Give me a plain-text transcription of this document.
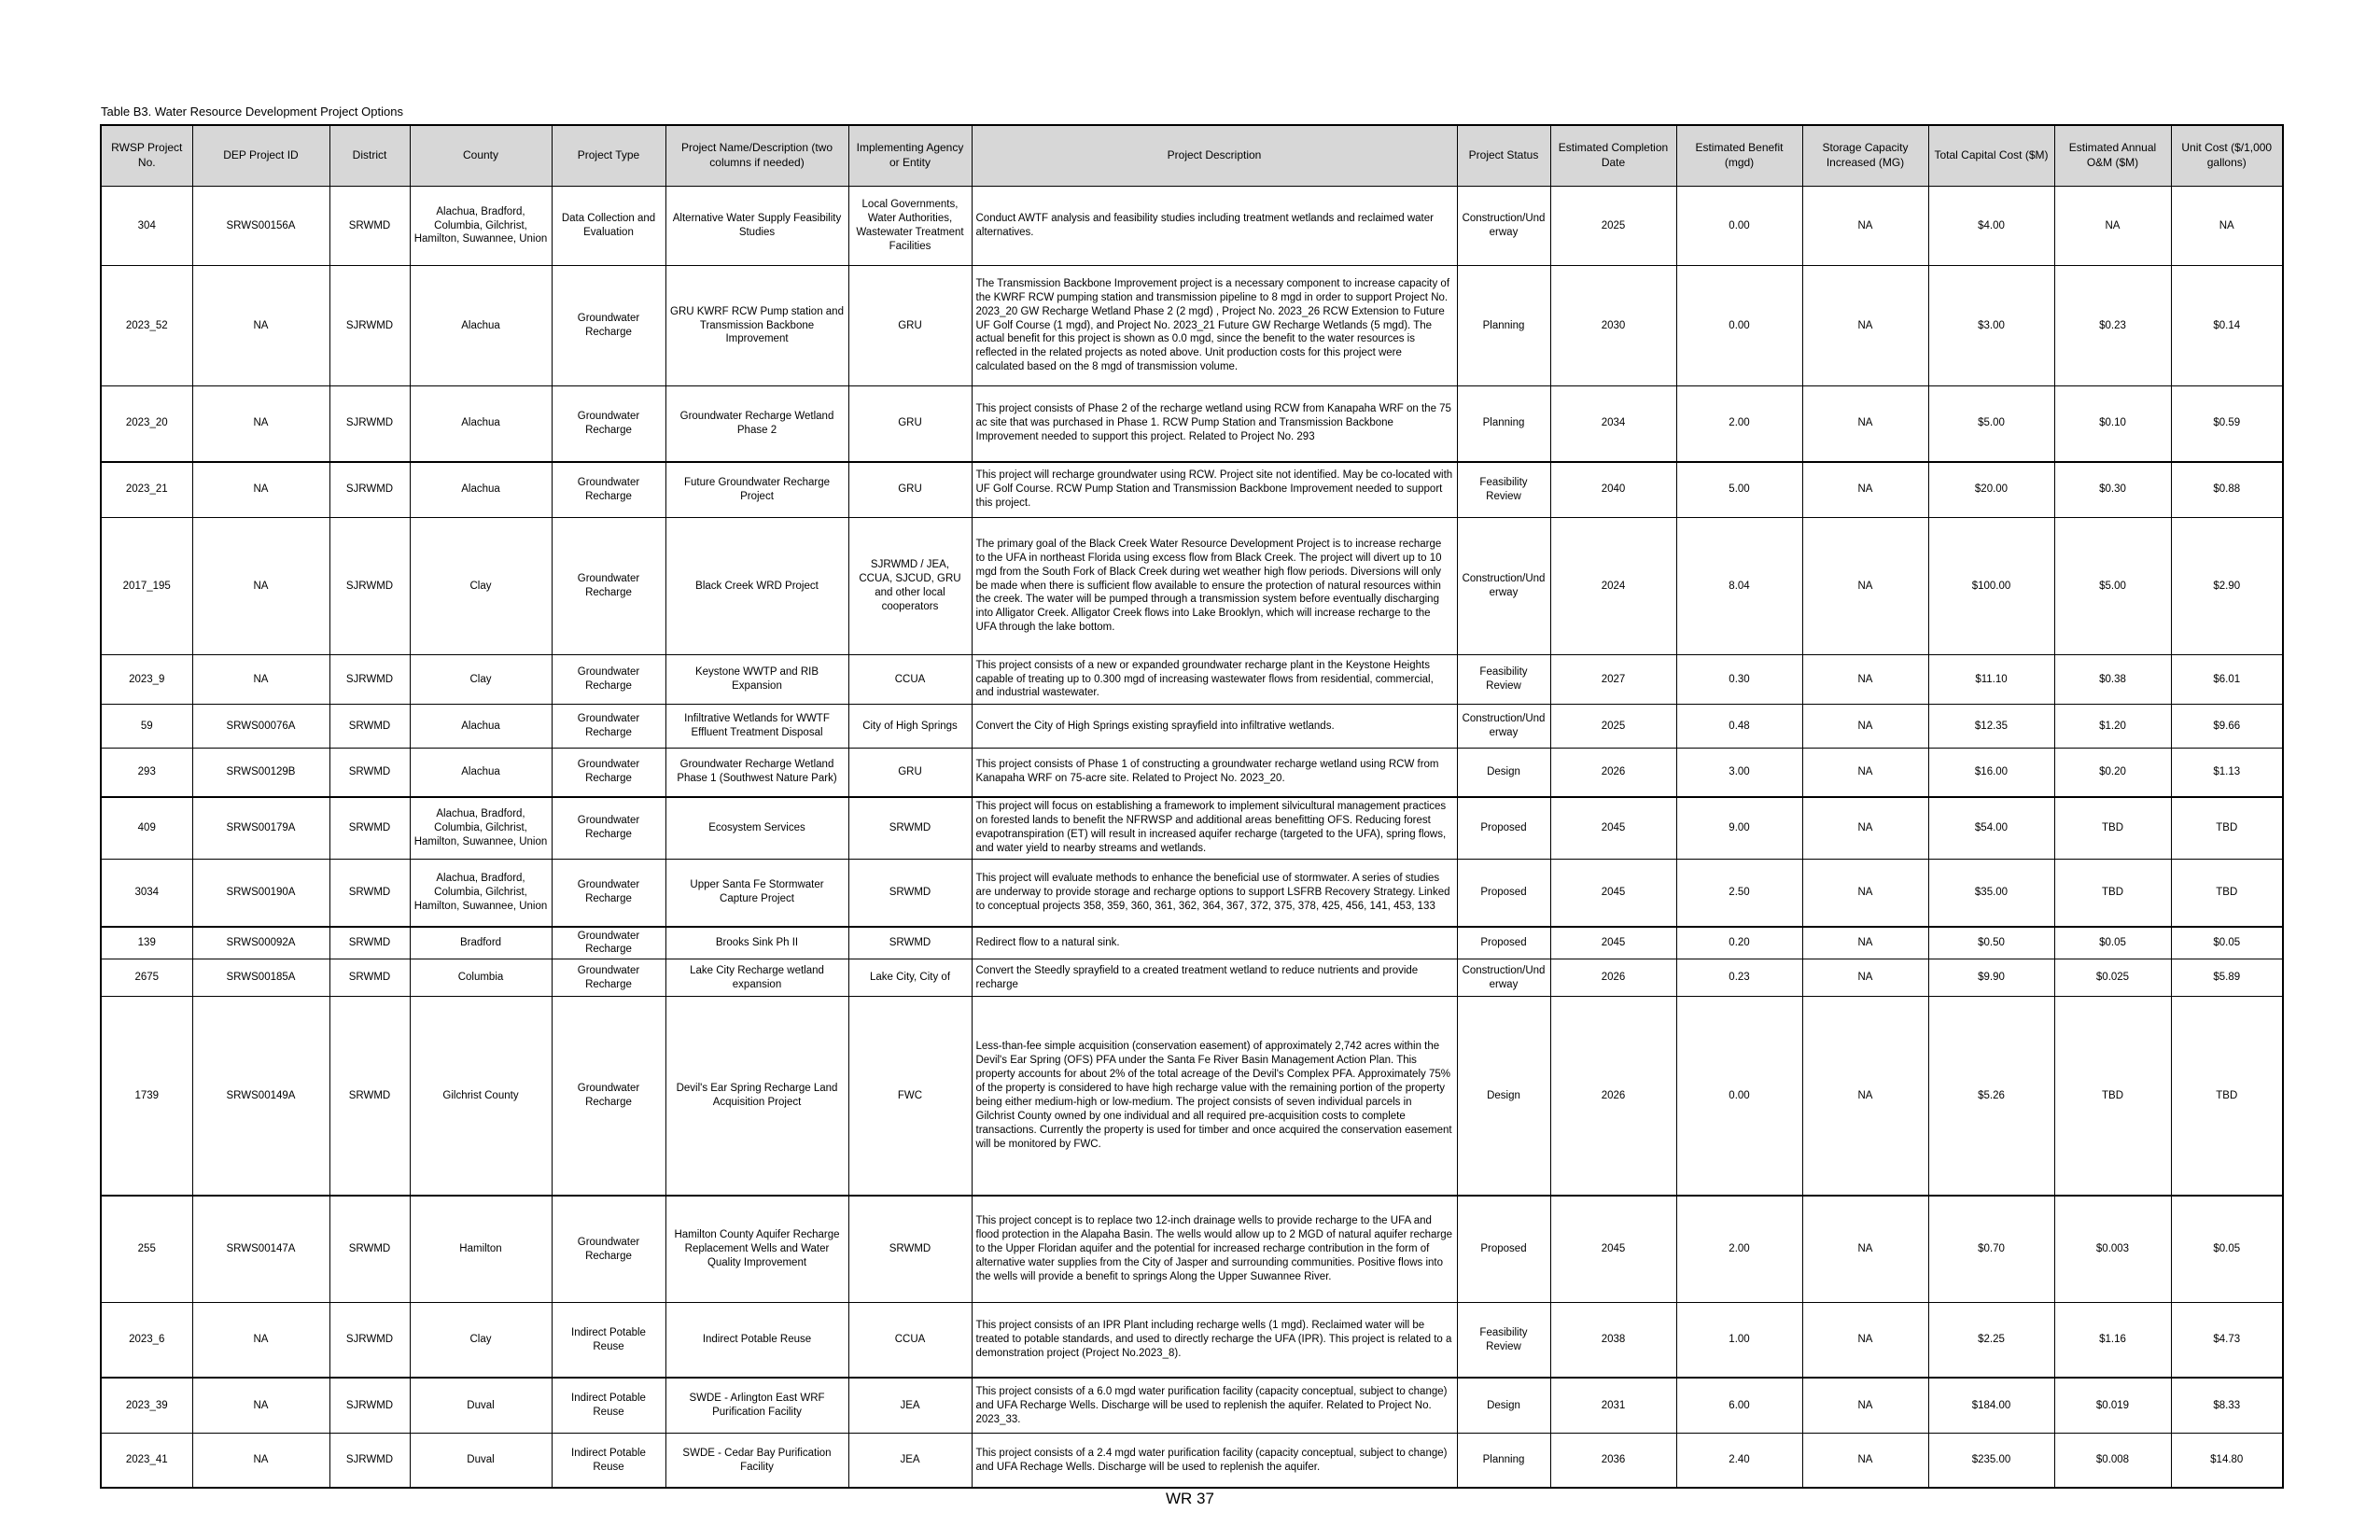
Table B3. Water Resource Development Project Options
RWSP Project No.	DEP Project ID	District	County	Project Type	Project Name/Description (two columns if needed)	Implementing Agency or Entity	Project Description	Project Status	Estimated Completion Date	Estimated Benefit (mgd)	Storage Capacity Increased (MG)	Total Capital Cost ($M)	Estimated Annual O&M ($M)	Unit Cost ($/1,000 gallons)
304	SRWS00156A	SRWMD	Alachua, Bradford, Columbia, Gilchrist, Hamilton, Suwannee, Union	Data Collection and Evaluation	Alternative Water Supply Feasibility Studies	Local Governments, Water Authorities, Wastewater Treatment Facilities	Conduct AWTF analysis and feasibility studies including treatment wetlands and reclaimed water alternatives.	Construction/Underway	2025	0.00	NA	$4.00	NA	NA
2023_52	NA	SJRWMD	Alachua	Groundwater Recharge	GRU KWRF RCW Pump station and Transmission Backbone Improvement	GRU	The Transmission Backbone Improvement project is a necessary component to increase capacity of the KWRF RCW pumping station and transmission pipeline to 8 mgd in order to support Project No. 2023_20 GW Recharge Wetland Phase 2 (2 mgd) , Project No. 2023_26 RCW Extension to Future UF Golf Course (1 mgd), and Project No. 2023_21 Future GW Recharge Wetlands (5 mgd). The actual benefit for this project is shown as 0.0 mgd, since the benefit to the water resources is reflected in the related projects as noted above. Unit production costs for this project were calculated based on the 8 mgd of transmission volume.	Planning	2030	0.00	NA	$3.00	$0.23	$0.14
2023_20	NA	SJRWMD	Alachua	Groundwater Recharge	Groundwater Recharge Wetland Phase 2	GRU	This project consists of Phase 2 of the recharge wetland using RCW from Kanapaha WRF on the 75 ac site that was purchased in Phase 1. RCW Pump Station and Transmission Backbone Improvement needed to support this project. Related to Project No. 293	Planning	2034	2.00	NA	$5.00	$0.10	$0.59
2023_21	NA	SJRWMD	Alachua	Groundwater Recharge	Future Groundwater Recharge Project	GRU	This project will recharge groundwater using RCW. Project site not identified. May be co-located with UF Golf Course. RCW Pump Station and Transmission Backbone Improvement needed to support this project.	Feasibility Review	2040	5.00	NA	$20.00	$0.30	$0.88
2017_195	NA	SJRWMD	Clay	Groundwater Recharge	Black Creek WRD Project	SJRWMD / JEA, CCUA, SJCUD, GRU and other local cooperators	The primary goal of the Black Creek Water Resource Development Project is to increase recharge to the UFA in northeast Florida using excess flow from Black Creek. The project will divert up to 10 mgd from the South Fork of Black Creek during wet weather high flow periods. Diversions will only be made when there is sufficient flow available to ensure the protection of natural resources within the creek. The water will be pumped through a transmission system before eventually discharging into Alligator Creek. Alligator Creek flows into Lake Brooklyn, which will increase recharge to the UFA through the lake bottom.	Construction/Underway	2024	8.04	NA	$100.00	$5.00	$2.90
2023_9	NA	SJRWMD	Clay	Groundwater Recharge	Keystone WWTP and RIB Expansion	CCUA	This project consists of a new or expanded groundwater recharge plant in the Keystone Heights capable of treating up to 0.300 mgd of increasing wastewater flows from residential, commercial, and industrial wastewater.	Feasibility Review	2027	0.30	NA	$11.10	$0.38	$6.01
59	SRWS00076A	SRWMD	Alachua	Groundwater Recharge	Infiltrative Wetlands for WWTF Effluent Treatment Disposal	City of High Springs	Convert the City of High Springs existing sprayfield into infiltrative wetlands.	Construction/Underway	2025	0.48	NA	$12.35	$1.20	$9.66
293	SRWS00129B	SRWMD	Alachua	Groundwater Recharge	Groundwater Recharge Wetland Phase 1 (Southwest Nature Park)	GRU	This project consists of Phase 1 of constructing a groundwater recharge wetland using RCW from Kanapaha WRF on 75-acre site. Related to Project No. 2023_20.	Design	2026	3.00	NA	$16.00	$0.20	$1.13
409	SRWS00179A	SRWMD	Alachua, Bradford, Columbia, Gilchrist, Hamilton, Suwannee, Union	Groundwater Recharge	Ecosystem Services	SRWMD	This project will focus on establishing a framework to implement silvicultural management practices on forested lands to benefit the NFRWSP and additional areas benefitting OFS. Reducing forest evapotranspiration (ET) will result in increased aquifer recharge (targeted to the UFA), spring flows, and water yield to nearby streams and wetlands.	Proposed	2045	9.00	NA	$54.00	TBD	TBD
3034	SRWS00190A	SRWMD	Alachua, Bradford, Columbia, Gilchrist, Hamilton, Suwannee, Union	Groundwater Recharge	Upper Santa Fe Stormwater Capture Project	SRWMD	This project will evaluate methods to enhance the beneficial use of stormwater. A series of studies are underway to provide storage and recharge options to support LSFRB Recovery Strategy. Linked to conceptual projects 358, 359, 360, 361, 362, 364, 367, 372, 375, 378, 425, 456, 141, 453, 133	Proposed	2045	2.50	NA	$35.00	TBD	TBD
139	SRWS00092A	SRWMD	Bradford	Groundwater Recharge	Brooks Sink Ph II	SRWMD	Redirect flow to a natural sink.	Proposed	2045	0.20	NA	$0.50	$0.05	$0.05
2675	SRWS00185A	SRWMD	Columbia	Groundwater Recharge	Lake City Recharge wetland expansion	Lake City, City of	Convert the Steedly sprayfield to a created treatment wetland to reduce nutrients and provide recharge	Construction/Underway	2026	0.23	NA	$9.90	$0.025	$5.89
1739	SRWS00149A	SRWMD	Gilchrist County	Groundwater Recharge	Devil's Ear Spring Recharge Land Acquisition Project	FWC	Less-than-fee simple acquisition (conservation easement) of approximately 2,742 acres within the Devil's Ear Spring (OFS) PFA under the Santa Fe River Basin Management Action Plan. This property accounts for about 2% of the total acreage of the Devil's Complex PFA. Approximately 75% of the property is considered to have high recharge value with the remaining portion of the property being either medium-high or low-medium. The project consists of seven individual parcels in Gilchrist County owned by one individual and all required pre-acquisition costs to complete transactions. Currently the property is used for timber and once acquired the conservation easement will be monitored by FWC.	Design	2026	0.00	NA	$5.26	TBD	TBD
255	SRWS00147A	SRWMD	Hamilton	Groundwater Recharge	Hamilton County Aquifer Recharge Replacement Wells and Water Quality Improvement	SRWMD	This project concept is to replace two 12-inch drainage wells to provide recharge to the UFA and flood protection in the Alapaha Basin. The wells would allow up to 2 MGD of natural aquifer recharge to the Upper Floridan aquifer and the potential for increased recharge contribution in the form of alternative water supplies from the City of Jasper and surrounding communities. Positive flows into the wells will provide a benefit to springs Along the Upper Suwannee River.	Proposed	2045	2.00	NA	$0.70	$0.003	$0.05
2023_6	NA	SJRWMD	Clay	Indirect Potable Reuse	Indirect Potable Reuse	CCUA	This project consists of an IPR Plant including recharge wells (1 mgd). Reclaimed water will be treated to potable standards, and used to directly recharge the UFA (IPR). This project is related to a demonstration project (Project No.2023_8).	Feasibility Review	2038	1.00	NA	$2.25	$1.16	$4.73
2023_39	NA	SJRWMD	Duval	Indirect Potable Reuse	SWDE - Arlington East WRF Purification Facility	JEA	This project consists of a 6.0 mgd water purification facility (capacity conceptual, subject to change) and UFA Recharge Wells. Discharge will be used to replenish the aquifer. Related to Project No. 2023_33.	Design	2031	6.00	NA	$184.00	$0.019	$8.33
2023_41	NA	SJRWMD	Duval	Indirect Potable Reuse	SWDE - Cedar Bay Purification Facility	JEA	This project consists of a 2.4 mgd water purification facility (capacity conceptual, subject to change) and UFA Rechage Wells. Discharge will be used to replenish the aquifer.	Planning	2036	2.40	NA	$235.00	$0.008	$14.80
WR 37
